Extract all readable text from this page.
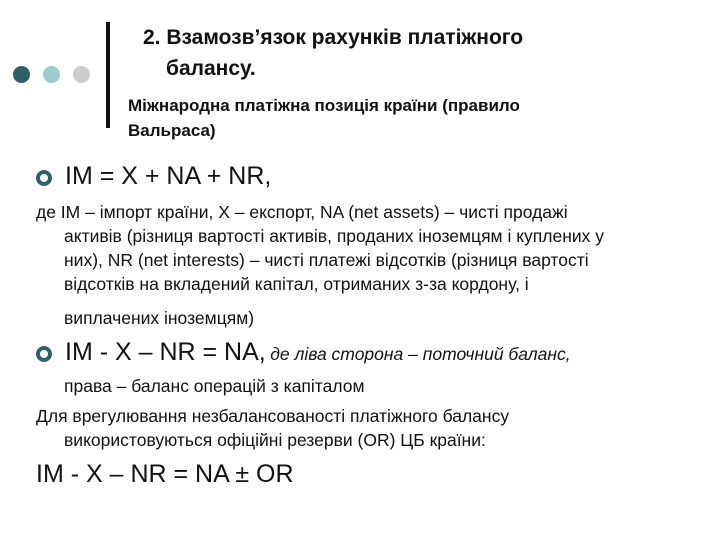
2. Взамозв’язок рахунків платіжного
балансу.
Міжнародна платіжна позиція країни (правило
Вальраса)
IM = X + NA + NR,
де IM – імпорт країни, X – експорт, NA (net assets) – чисті продажі
активів (різниця вартості активів, проданих іноземцям і куплених у
них), NR (net interests) – чисті платежі відсотків (різниця вартості
відсотків на вкладений капітал, отриманих з-за кордону, і
виплачених іноземцям)
IM - X – NR = NA, де ліва сторона – поточний баланс,
права – баланс операцій з капіталом
Для врегулювання незбалансованості платіжного балансу
використовуються офіційні резерви (OR) ЦБ країни:
IM - X – NR = NA ± OR
